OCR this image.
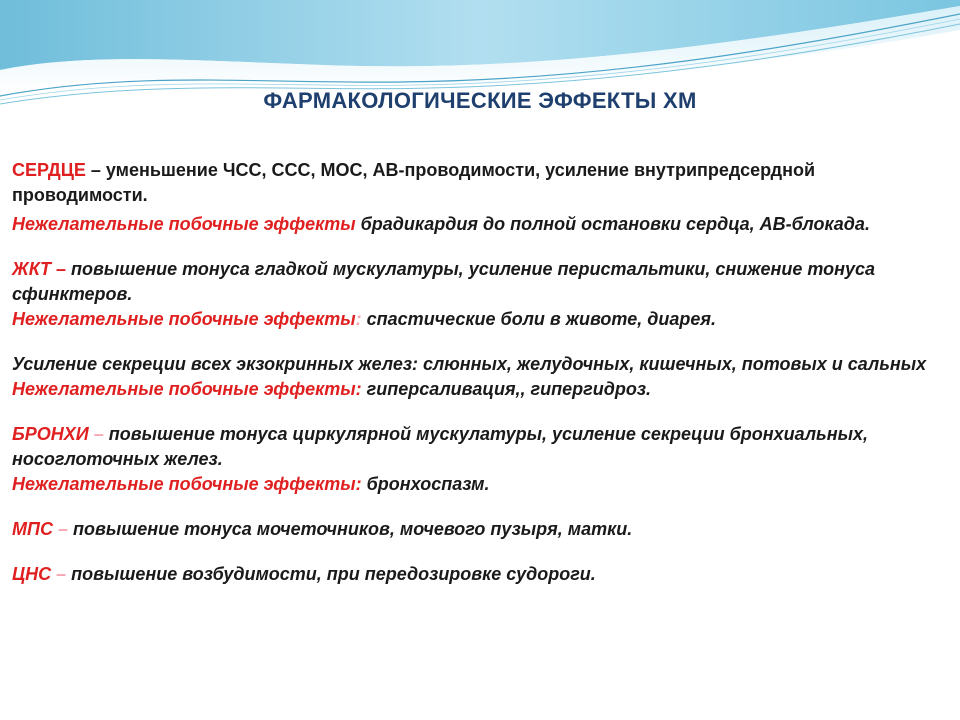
ФАРМАКОЛОГИЧЕСКИЕ ЭФФЕКТЫ ХМ

СЕРДЦЕ – уменьшение ЧСС, ССС, МОС, АВ-проводимости, усиление внутрипредсердной проводимости.

Нежелательные побочные эффекты брадикардия до полной остановки сердца, АВ-блокада.

ЖКТ – повышение тонуса гладкой мускулатуры, усиление перистальтики, снижение тонуса сфинктеров.

Нежелательные побочные эффекты: спастические боли в животе, диарея.

Усиление секреции всех экзокринных желез: слюнных, желудочных, кишечных, потовых и сальных

Нежелательные побочные эффекты: гиперсаливация,, гипергидроз.

БРОНХИ – повышение тонуса циркулярной мускулатуры, усиление секреции бронхиальных, носоглоточных желез.

Нежелательные побочные эффекты: бронхоспазм.

МПС – повышение тонуса мочеточников, мочевого пузыря, матки.

ЦНС – повышение возбудимости, при передозировке судороги.
